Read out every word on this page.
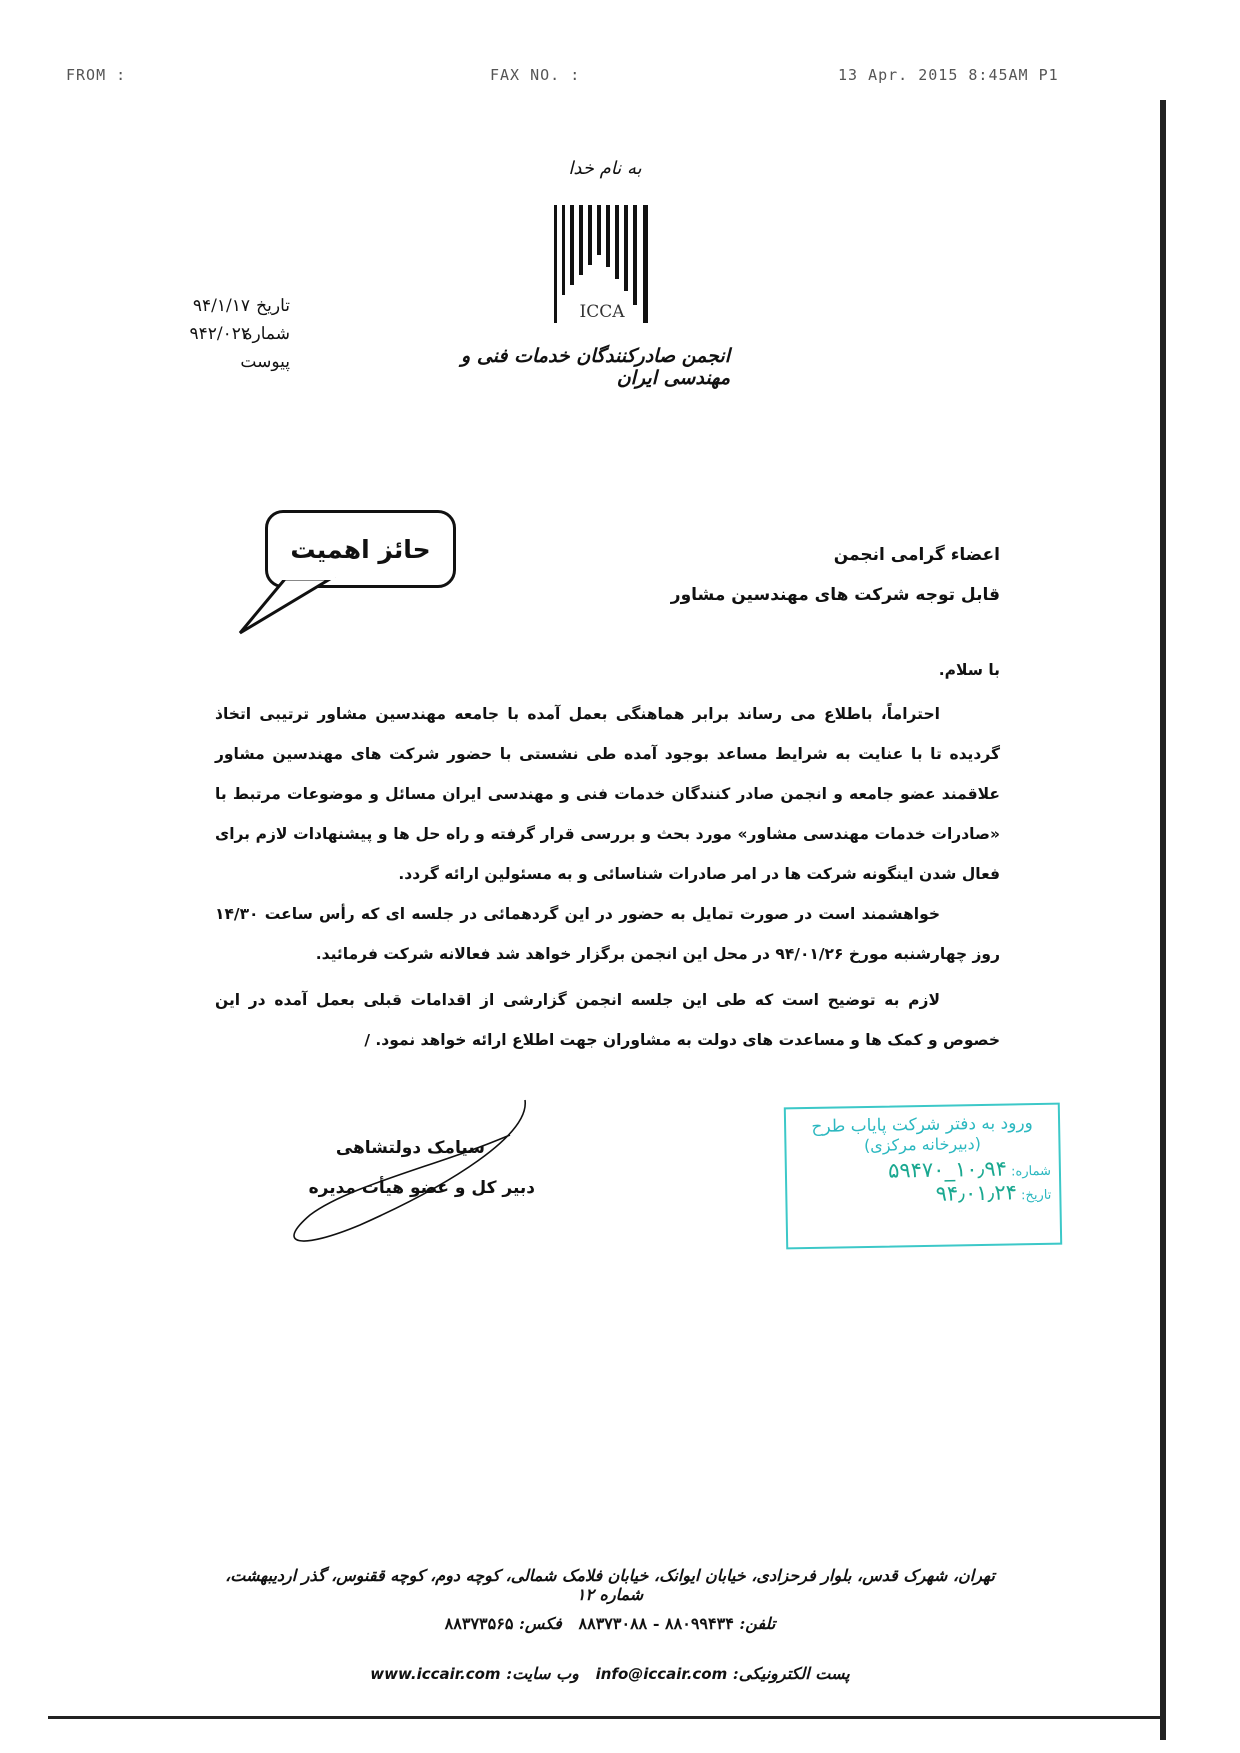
FROM :	FAX NO. :	13 Apr. 2015 8:45AM P1
به نام خدا
ICCA
انجمن صادرکنندگان خدمات فنی و مهندسی ایران
تاریخ۹۴/۱/۱۷
شماره۹۴۲/۰۲۲
پیوست
حائز اهمیت	اعضاء گرامی انجمن
قابل توجه شرکت های مهندسین مشاور

با سلام.

احتراماً، باطلاع می رساند برابر هماهنگی بعمل آمده با جامعه مهندسین مشاور ترتیبی اتخاذ گردیده تا با عنایت به شرایط مساعد بوجود آمده طی نشستی با حضور شرکت های مهندسین مشاور علاقمند عضو جامعه و انجمن صادر کنندگان خدمات فنی و مهندسی ایران مسائل و موضوعات مرتبط با «صادرات خدمات مهندسی مشاور» مورد بحث و بررسی قرار گرفته و راه حل ها و پیشنهادات لازم برای فعال شدن اینگونه شرکت ها در امر صادرات شناسائی و به مسئولین ارائه گردد.

خواهشمند است در صورت تمایل به حضور در این گردهمائی در جلسه ای که رأس ساعت ۱۴/۳۰ روز چهارشنبه مورخ ۹۴/۰۱/۲۶ در محل این انجمن برگزار خواهد شد فعالانه شرکت فرمائید.

لازم به توضیح است که طی این جلسه انجمن گزارشی از اقدامات قبلی بعمل آمده در این خصوص و کمک ها و مساعدت های دولت به مشاوران جهت اطلاع ارائه خواهد نمود. /

سیامک دولتشاهی
دبیر کل و عضو هیأت مدیره
ورود به دفتر شرکت پایاب طرح
(دبیرخانه مرکزی)
شماره: ۱۰٫۹۴_۵۹۴۷۰
تاریخ: ۹۴٫۰۱٫۲۴
تهران، شهرک قدس، بلوار فرحزادی، خیابان ایوانک، خیابان فلامک شمالی، کوچه دوم، کوچه ققنوس، گذر اردیبهشت، شماره ۱۲
تلفن: ۸۸۰۹۹۴۳۴ - ۸۸۳۷۳۰۸۸   فکس: ۸۸۳۷۳۵۶۵
پست الکترونیکی: info@iccair.com   وب سایت: www.iccair.com
